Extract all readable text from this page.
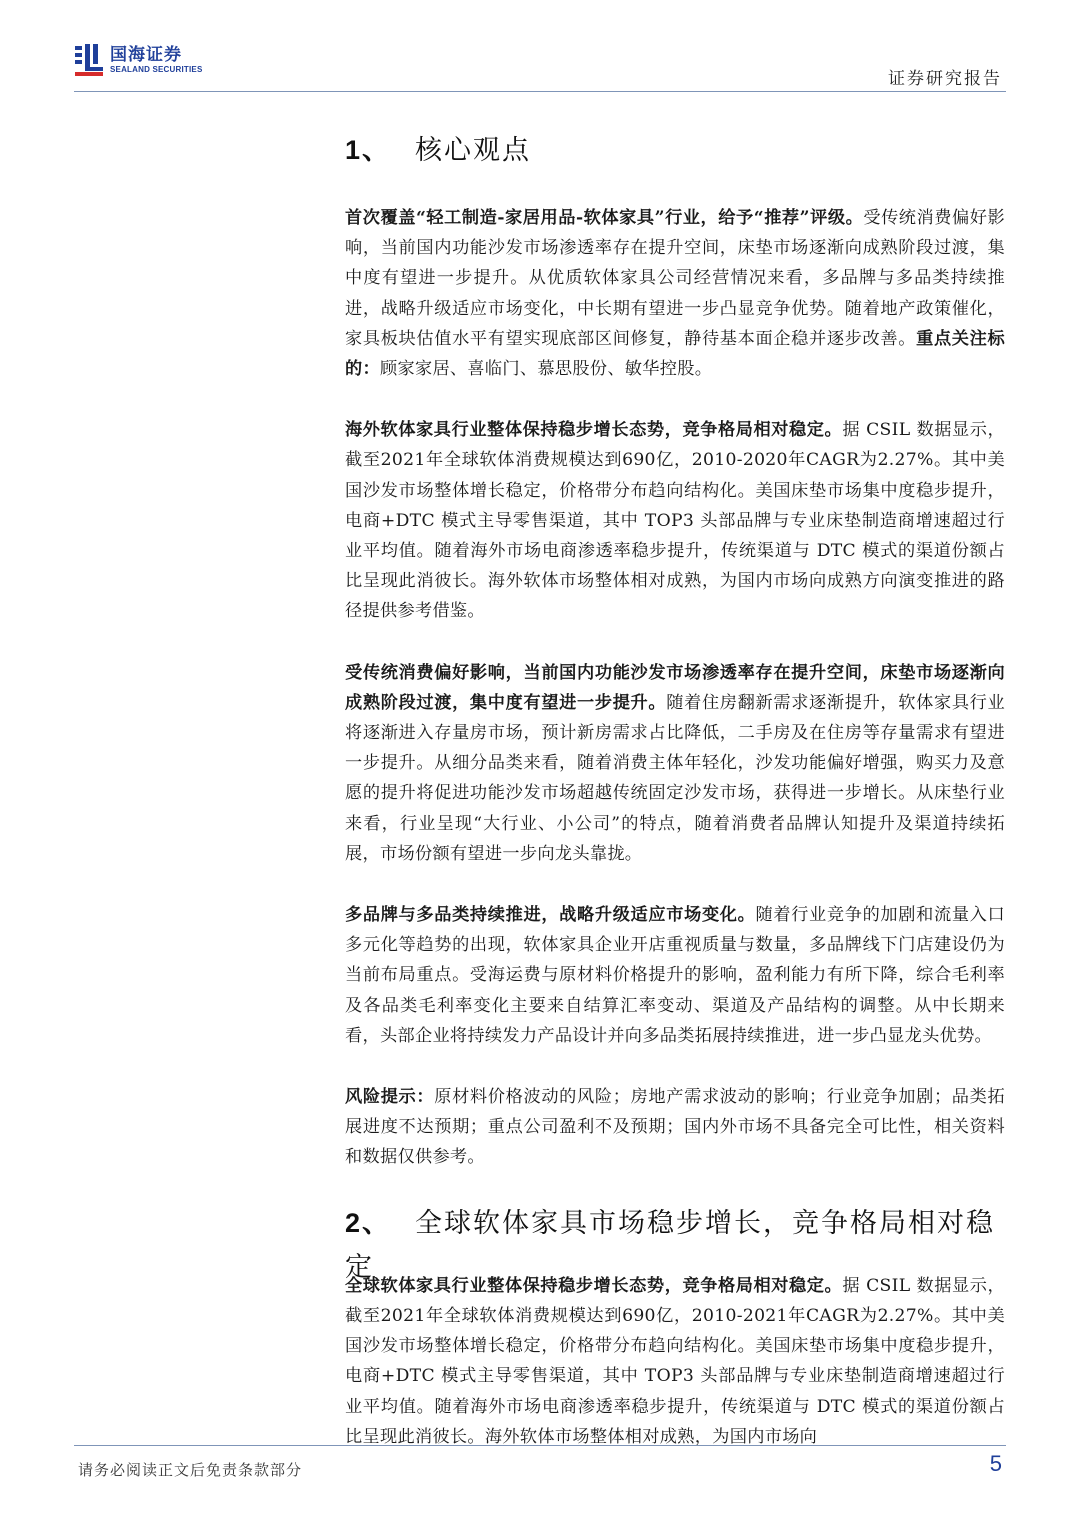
国海证券
SEALAND SECURITIES	证券研究报告
1、 核心观点

首次覆盖“轻工制造-家居用品-软体家具”行业，给予“推荐”评级。受传统消费偏好影响，当前国内功能沙发市场渗透率存在提升空间，床垫市场逐渐向成熟阶段过渡，集中度有望进一步提升。从优质软体家具公司经营情况来看，多品牌与多品类持续推进，战略升级适应市场变化，中长期有望进一步凸显竞争优势。随着地产政策催化，家具板块估值水平有望实现底部区间修复，静待基本面企稳并逐步改善。重点关注标的：顾家家居、喜临门、慕思股份、敏华控股。

海外软体家具行业整体保持稳步增长态势，竞争格局相对稳定。据 CSIL 数据显示，截至2021年全球软体消费规模达到690亿，2010-2020年CAGR为2.27%。其中美国沙发市场整体增长稳定，价格带分布趋向结构化。美国床垫市场集中度稳步提升，电商+DTC 模式主导零售渠道，其中 TOP3 头部品牌与专业床垫制造商增速超过行业平均值。随着海外市场电商渗透率稳步提升，传统渠道与 DTC 模式的渠道份额占比呈现此消彼长。海外软体市场整体相对成熟，为国内市场向成熟方向演变推进的路径提供参考借鉴。

受传统消费偏好影响，当前国内功能沙发市场渗透率存在提升空间，床垫市场逐渐向成熟阶段过渡，集中度有望进一步提升。随着住房翻新需求逐渐提升，软体家具行业将逐渐进入存量房市场，预计新房需求占比降低，二手房及在住房等存量需求有望进一步提升。从细分品类来看，随着消费主体年轻化，沙发功能偏好增强，购买力及意愿的提升将促进功能沙发市场超越传统固定沙发市场，获得进一步增长。从床垫行业来看，行业呈现“大行业、小公司”的特点，随着消费者品牌认知提升及渠道持续拓展，市场份额有望进一步向龙头靠拢。

多品牌与多品类持续推进，战略升级适应市场变化。随着行业竞争的加剧和流量入口多元化等趋势的出现，软体家具企业开店重视质量与数量，多品牌线下门店建设仍为当前布局重点。受海运费与原材料价格提升的影响，盈利能力有所下降，综合毛利率及各品类毛利率变化主要来自结算汇率变动、渠道及产品结构的调整。从中长期来看，头部企业将持续发力产品设计并向多品类拓展持续推进，进一步凸显龙头优势。

风险提示：原材料价格波动的风险；房地产需求波动的影响；行业竞争加剧；品类拓展进度不达预期；重点公司盈利不及预期；国内外市场不具备完全可比性，相关资料和数据仅供参考。

2、 全球软体家具市场稳步增长，竞争格局相对稳定

全球软体家具行业整体保持稳步增长态势，竞争格局相对稳定。据 CSIL 数据显示，截至2021年全球软体消费规模达到690亿，2010-2021年CAGR为2.27%。其中美国沙发市场整体增长稳定，价格带分布趋向结构化。美国床垫市场集中度稳步提升，电商+DTC 模式主导零售渠道，其中 TOP3 头部品牌与专业床垫制造商增速超过行业平均值。随着海外市场电商渗透率稳步提升，传统渠道与 DTC 模式的渠道份额占比呈现此消彼长。海外软体市场整体相对成熟，为国内市场向

请务必阅读正文后免责条款部分	5
